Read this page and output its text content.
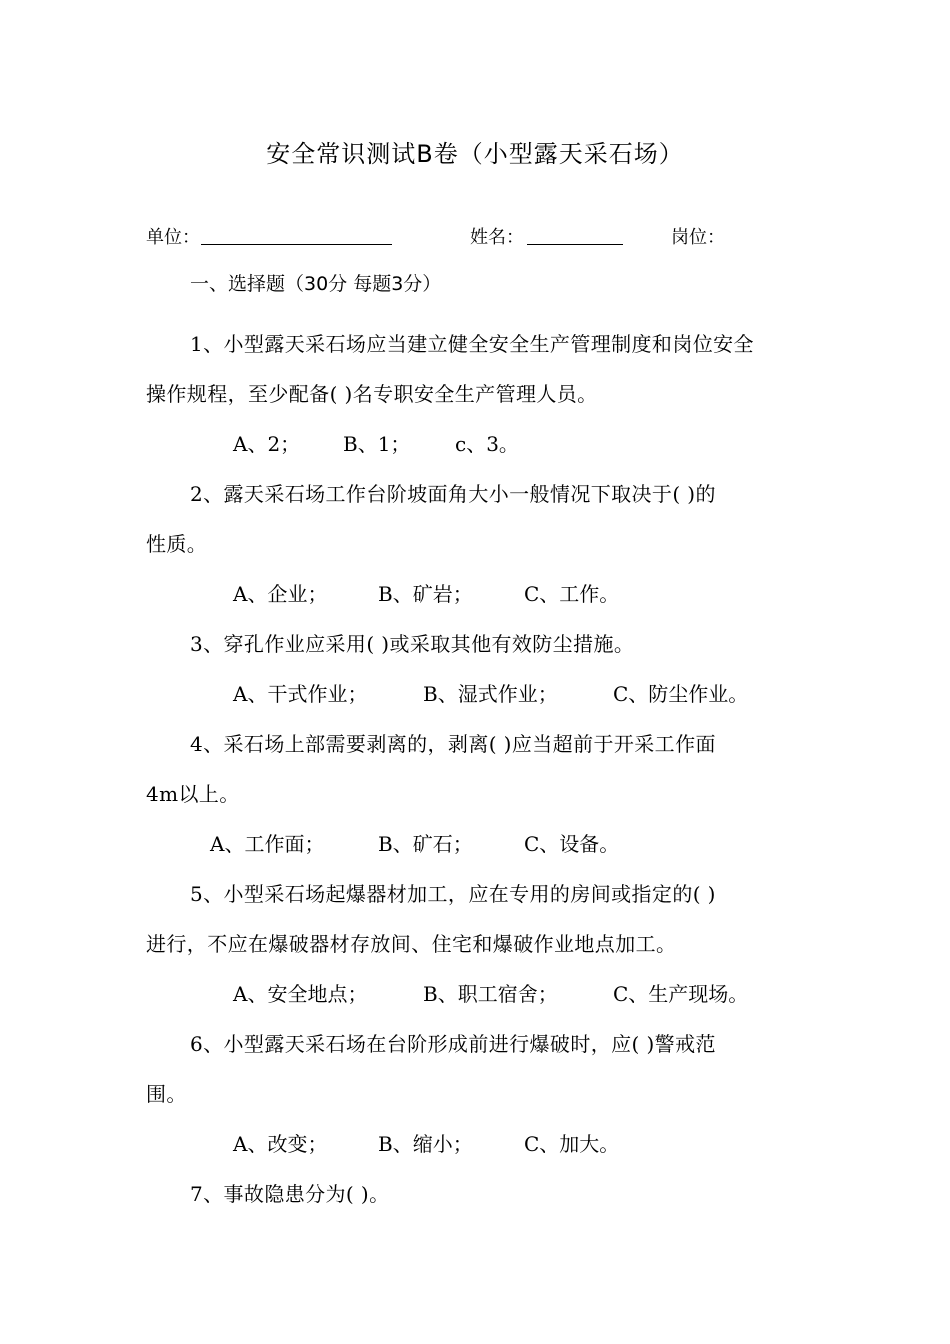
安全常识测试B卷（小型露天采石场）
单位：	姓名：	岗位：
一、选择题（30分 每题3分）
1、小型露天采石场应当建立健全安全生产管理制度和岗位安全
操作规程，至少配备( )名专职安全生产管理人员。
A、2； B、1； c、3。
2、露天采石场工作台阶坡面角大小一般情况下取决于( )的
性质。
A、企业；	B、矿岩；	C、工作。
3、穿孔作业应采用( )或采取其他有效防尘措施。
A、干式作业；	B、湿式作业；	C、防尘作业。
4、采石场上部需要剥离的，剥离( )应当超前于开采工作面
4m以上。
A、工作面；	B、矿石；	C、设备。
5、小型采石场起爆器材加工，应在专用的房间或指定的( )
进行，不应在爆破器材存放间、住宅和爆破作业地点加工。
A、安全地点；	B、职工宿舍；	C、生产现场。
6、小型露天采石场在台阶形成前进行爆破时，应( )警戒范
围。
A、改变；	B、缩小；	C、加大。
7、事故隐患分为( )。
